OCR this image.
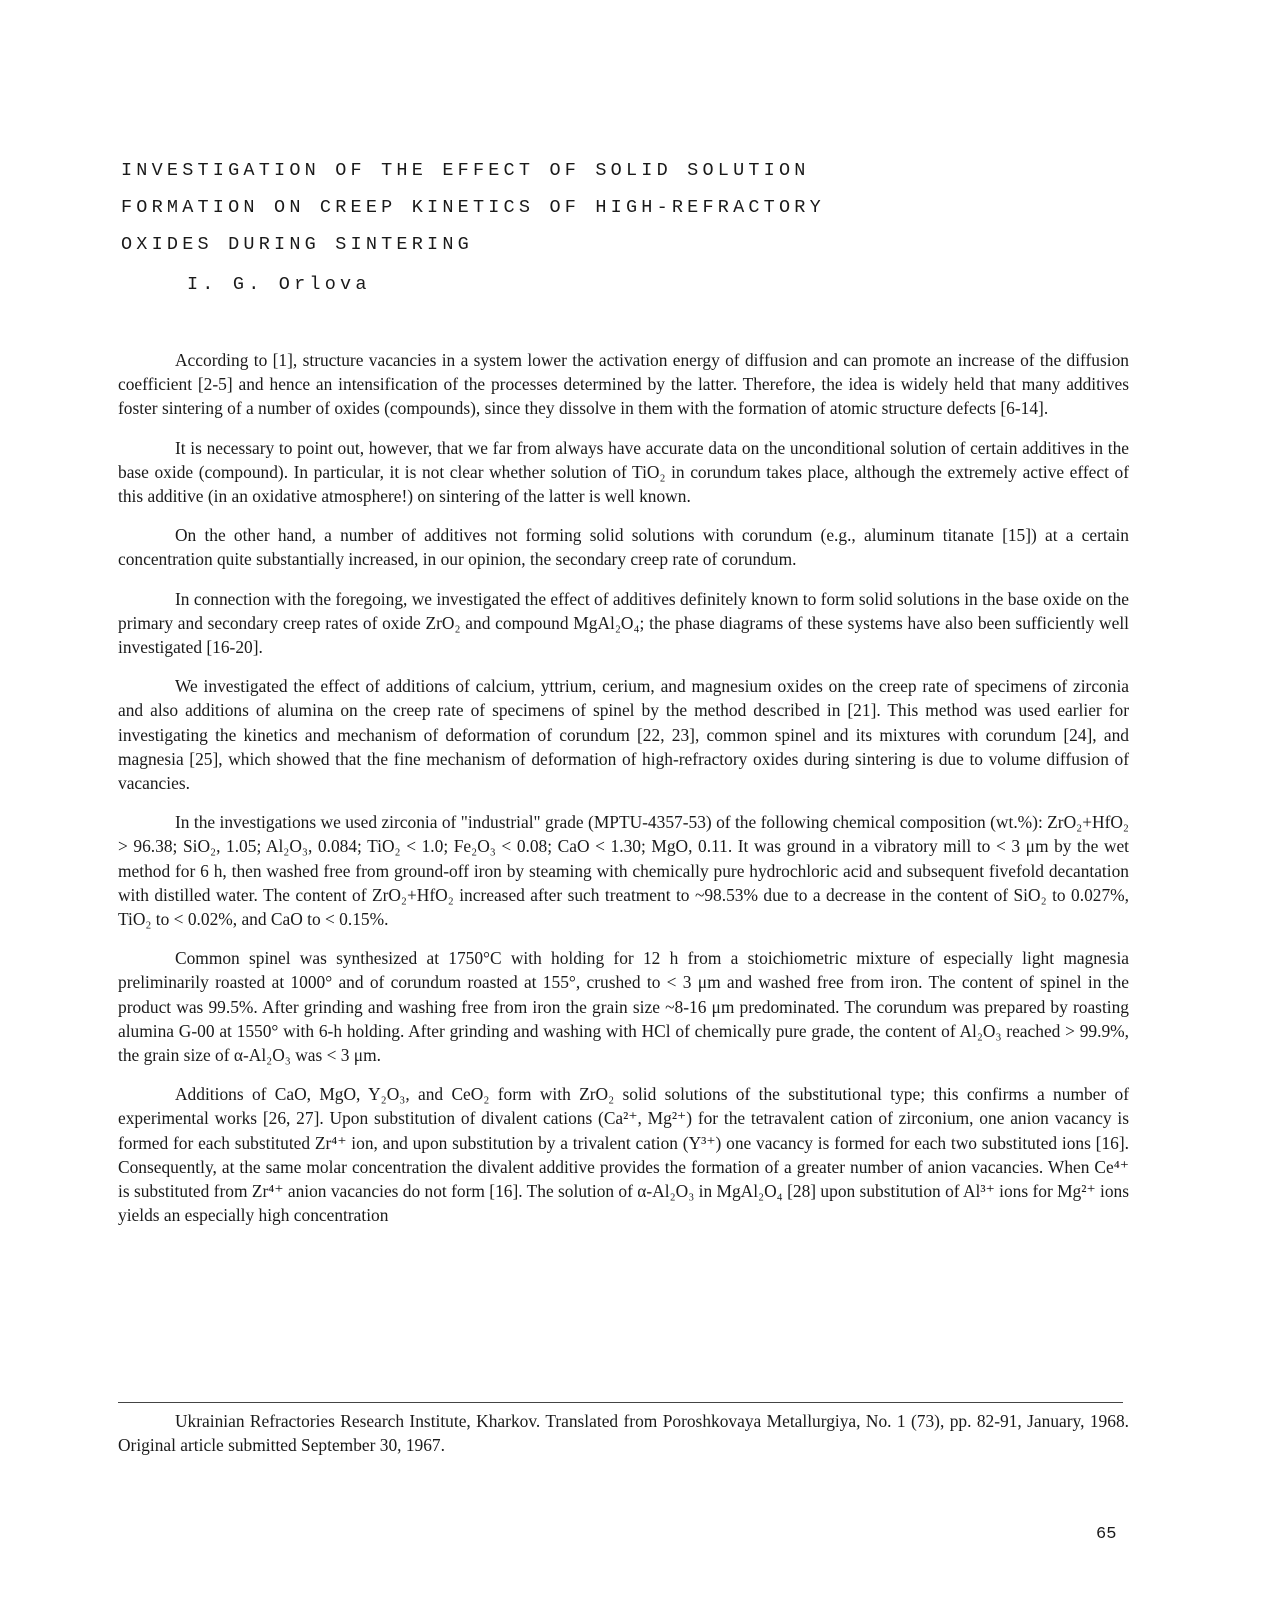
INVESTIGATION OF THE EFFECT OF SOLID SOLUTION
FORMATION ON CREEP KINETICS OF HIGH-REFRACTORY
OXIDES DURING SINTERING

I. G. Orlova

According to [1], structure vacancies in a system lower the activation energy of diffusion and can promote an increase of the diffusion coefficient [2-5] and hence an intensification of the processes determined by the latter. Therefore, the idea is widely held that many additives foster sintering of a number of oxides (compounds), since they dissolve in them with the formation of atomic structure defects [6-14].

It is necessary to point out, however, that we far from always have accurate data on the unconditional solution of certain additives in the base oxide (compound). In particular, it is not clear whether solution of TiO₂ in corundum takes place, although the extremely active effect of this additive (in an oxidative atmosphere!) on sintering of the latter is well known.

On the other hand, a number of additives not forming solid solutions with corundum (e.g., aluminum titanate [15]) at a certain concentration quite substantially increased, in our opinion, the secondary creep rate of corundum.

In connection with the foregoing, we investigated the effect of additives definitely known to form solid solutions in the base oxide on the primary and secondary creep rates of oxide ZrO₂ and compound MgAl₂O₄; the phase diagrams of these systems have also been sufficiently well investigated [16-20].

We investigated the effect of additions of calcium, yttrium, cerium, and magnesium oxides on the creep rate of specimens of zirconia and also additions of alumina on the creep rate of specimens of spinel by the method described in [21]. This method was used earlier for investigating the kinetics and mechanism of deformation of corundum [22, 23], common spinel and its mixtures with corundum [24], and magnesia [25], which showed that the fine mechanism of deformation of high-refractory oxides during sintering is due to volume diffusion of vacancies.

In the investigations we used zirconia of "industrial" grade (MPTU-4357-53) of the following chemical composition (wt.%): ZrO₂+HfO₂ > 96.38; SiO₂, 1.05; Al₂O₃, 0.084; TiO₂ < 1.0; Fe₂O₃ < 0.08; CaO < 1.30; MgO, 0.11. It was ground in a vibratory mill to < 3 μm by the wet method for 6 h, then washed free from ground-off iron by steaming with chemically pure hydrochloric acid and subsequent fivefold decantation with distilled water. The content of ZrO₂+HfO₂ increased after such treatment to ~98.53% due to a decrease in the content of SiO₂ to 0.027%, TiO₂ to < 0.02%, and CaO to < 0.15%.

Common spinel was synthesized at 1750°C with holding for 12 h from a stoichiometric mixture of especially light magnesia preliminarily roasted at 1000° and of corundum roasted at 155°, crushed to < 3 μm and washed free from iron. The content of spinel in the product was 99.5%. After grinding and washing free from iron the grain size ~8-16 μm predominated. The corundum was prepared by roasting alumina G-00 at 1550° with 6-h holding. After grinding and washing with HCl of chemically pure grade, the content of Al₂O₃ reached > 99.9%, the grain size of α-Al₂O₃ was < 3 μm.

Additions of CaO, MgO, Y₂O₃, and CeO₂ form with ZrO₂ solid solutions of the substitutional type; this confirms a number of experimental works [26, 27]. Upon substitution of divalent cations (Ca²⁺, Mg²⁺) for the tetravalent cation of zirconium, one anion vacancy is formed for each substituted Zr⁴⁺ ion, and upon substitution by a trivalent cation (Y³⁺) one vacancy is formed for each two substituted ions [16]. Consequently, at the same molar concentration the divalent additive provides the formation of a greater number of anion vacancies. When Ce⁴⁺ is substituted from Zr⁴⁺ anion vacancies do not form [16]. The solution of α-Al₂O₃ in MgAl₂O₄ [28] upon substitution of Al³⁺ ions for Mg²⁺ ions yields an especially high concentration

Ukrainian Refractories Research Institute, Kharkov. Translated from Poroshkovaya Metallurgiya, No. 1 (73), pp. 82-91, January, 1968. Original article submitted September 30, 1967.

65
